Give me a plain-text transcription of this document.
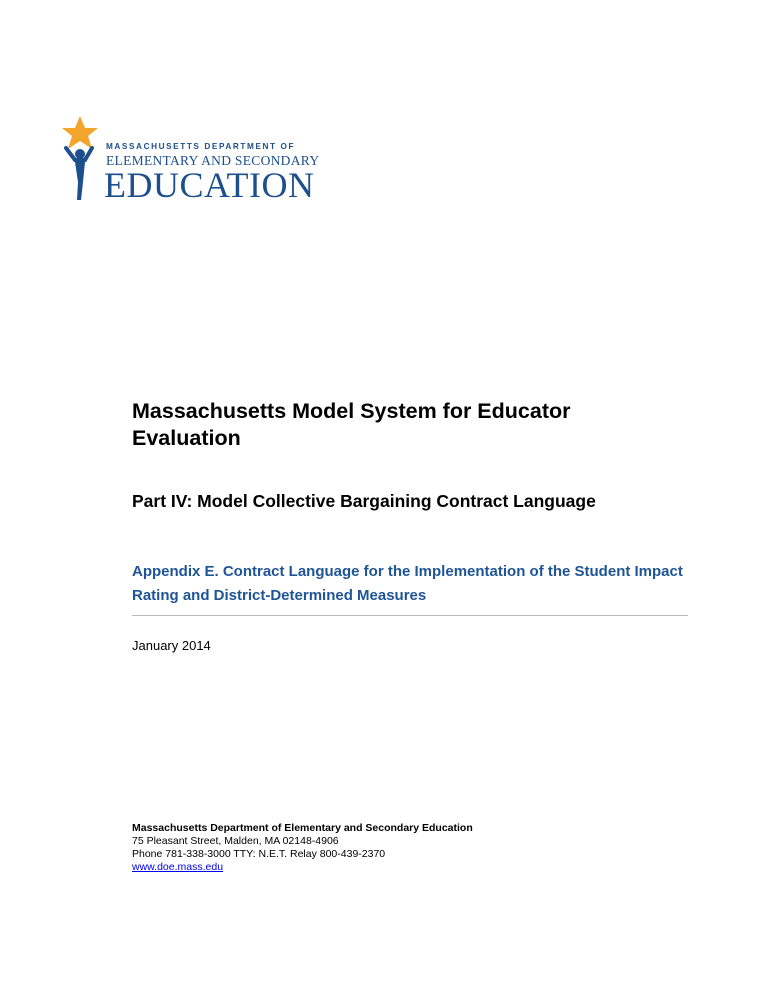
MASSACHUSETTS DEPARTMENT OF
ELEMENTARY AND SECONDARY
EDUCATION
Massachusetts Model System for Educator Evaluation
Part IV: Model Collective Bargaining Contract Language
Appendix E. Contract Language for the Implementation of the Student Impact Rating and District-Determined Measures
January 2014
Massachusetts Department of Elementary and Secondary Education
75 Pleasant Street, Malden, MA 02148-4906
Phone 781-338-3000 TTY: N.E.T. Relay 800-439-2370
www.doe.mass.edu
